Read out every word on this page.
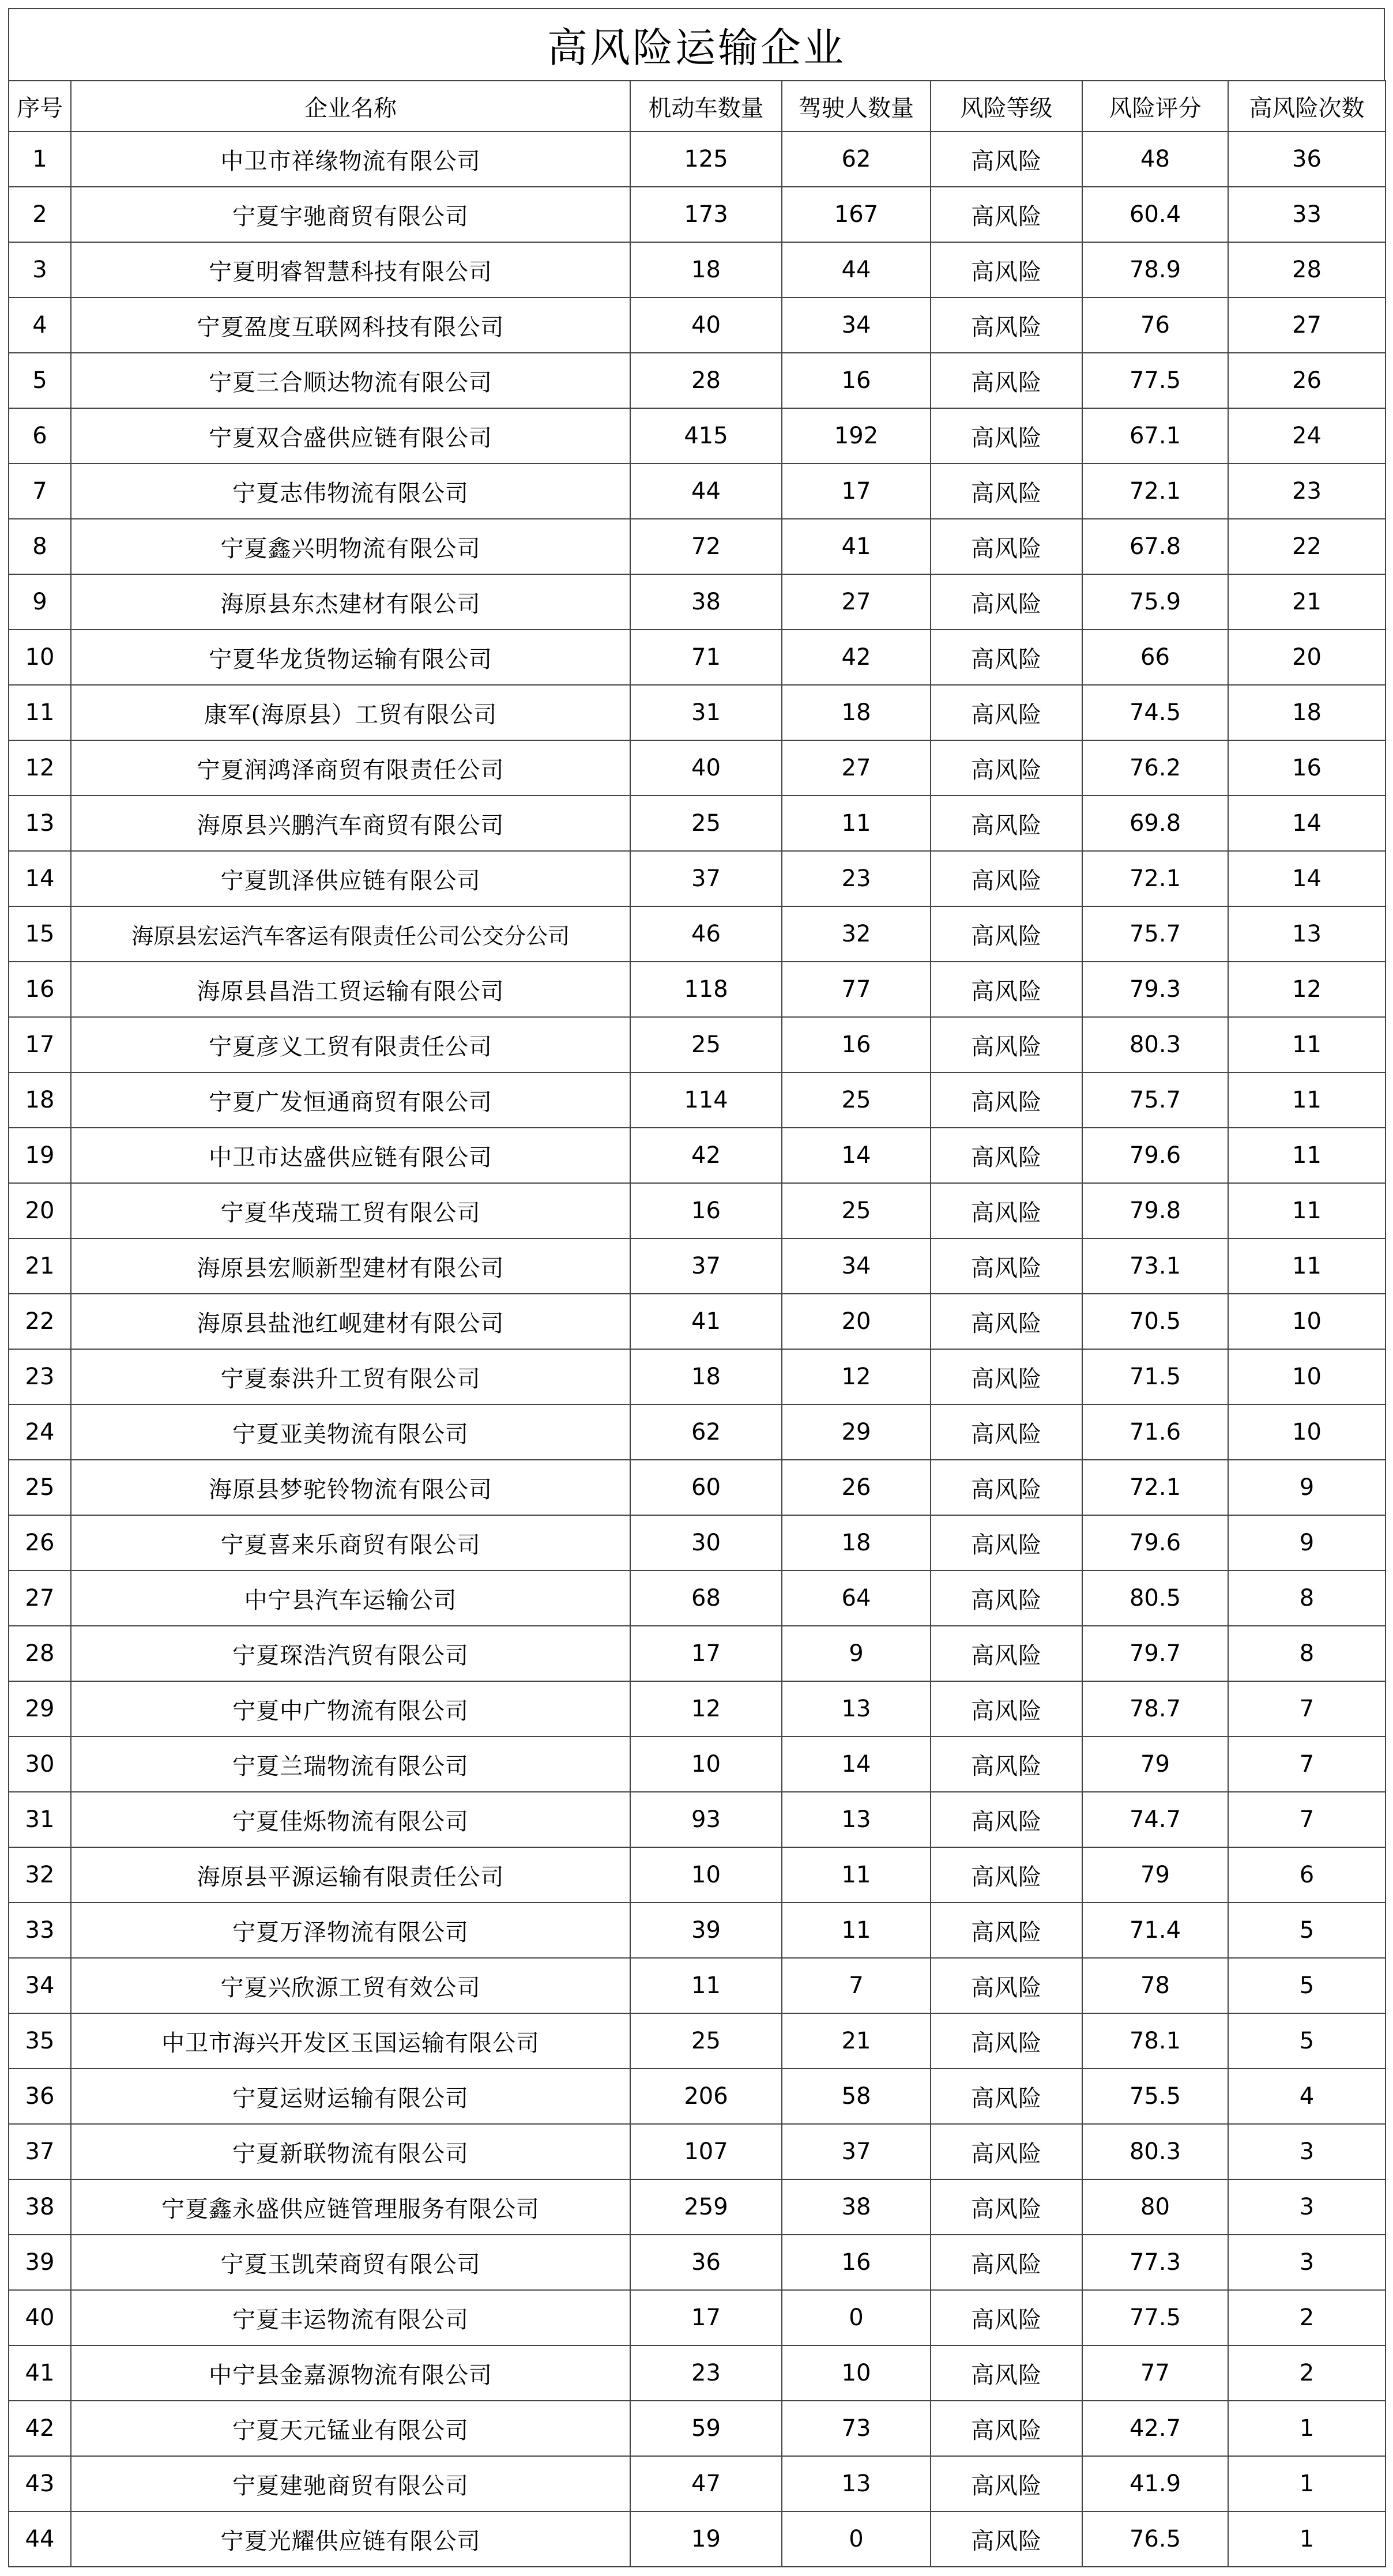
高风险运输企业
序号	企业名称	机动车数量	驾驶人数量	风险等级	风险评分	高风险次数
1	中卫市祥缘物流有限公司	125	62	高风险	48	36
2	宁夏宇驰商贸有限公司	173	167	高风险	60.4	33
3	宁夏明睿智慧科技有限公司	18	44	高风险	78.9	28
4	宁夏盈度互联网科技有限公司	40	34	高风险	76	27
5	宁夏三合顺达物流有限公司	28	16	高风险	77.5	26
6	宁夏双合盛供应链有限公司	415	192	高风险	67.1	24
7	宁夏志伟物流有限公司	44	17	高风险	72.1	23
8	宁夏鑫兴明物流有限公司	72	41	高风险	67.8	22
9	海原县东杰建材有限公司	38	27	高风险	75.9	21
10	宁夏华龙货物运输有限公司	71	42	高风险	66	20
11	康军(海原县）工贸有限公司	31	18	高风险	74.5	18
12	宁夏润鸿泽商贸有限责任公司	40	27	高风险	76.2	16
13	海原县兴鹏汽车商贸有限公司	25	11	高风险	69.8	14
14	宁夏凯泽供应链有限公司	37	23	高风险	72.1	14
15	海原县宏运汽车客运有限责任公司公交分公司	46	32	高风险	75.7	13
16	海原县昌浩工贸运输有限公司	118	77	高风险	79.3	12
17	宁夏彦义工贸有限责任公司	25	16	高风险	80.3	11
18	宁夏广发恒通商贸有限公司	114	25	高风险	75.7	11
19	中卫市达盛供应链有限公司	42	14	高风险	79.6	11
20	宁夏华茂瑞工贸有限公司	16	25	高风险	79.8	11
21	海原县宏顺新型建材有限公司	37	34	高风险	73.1	11
22	海原县盐池红岘建材有限公司	41	20	高风险	70.5	10
23	宁夏泰洪升工贸有限公司	18	12	高风险	71.5	10
24	宁夏亚美物流有限公司	62	29	高风险	71.6	10
25	海原县梦驼铃物流有限公司	60	26	高风险	72.1	9
26	宁夏喜来乐商贸有限公司	30	18	高风险	79.6	9
27	中宁县汽车运输公司	68	64	高风险	80.5	8
28	宁夏琛浩汽贸有限公司	17	9	高风险	79.7	8
29	宁夏中广物流有限公司	12	13	高风险	78.7	7
30	宁夏兰瑞物流有限公司	10	14	高风险	79	7
31	宁夏佳烁物流有限公司	93	13	高风险	74.7	7
32	海原县平源运输有限责任公司	10	11	高风险	79	6
33	宁夏万泽物流有限公司	39	11	高风险	71.4	5
34	宁夏兴欣源工贸有效公司	11	7	高风险	78	5
35	中卫市海兴开发区玉国运输有限公司	25	21	高风险	78.1	5
36	宁夏运财运输有限公司	206	58	高风险	75.5	4
37	宁夏新联物流有限公司	107	37	高风险	80.3	3
38	宁夏鑫永盛供应链管理服务有限公司	259	38	高风险	80	3
39	宁夏玉凯荣商贸有限公司	36	16	高风险	77.3	3
40	宁夏丰运物流有限公司	17	0	高风险	77.5	2
41	中宁县金嘉源物流有限公司	23	10	高风险	77	2
42	宁夏天元锰业有限公司	59	73	高风险	42.7	1
43	宁夏建驰商贸有限公司	47	13	高风险	41.9	1
44	宁夏光耀供应链有限公司	19	0	高风险	76.5	1
